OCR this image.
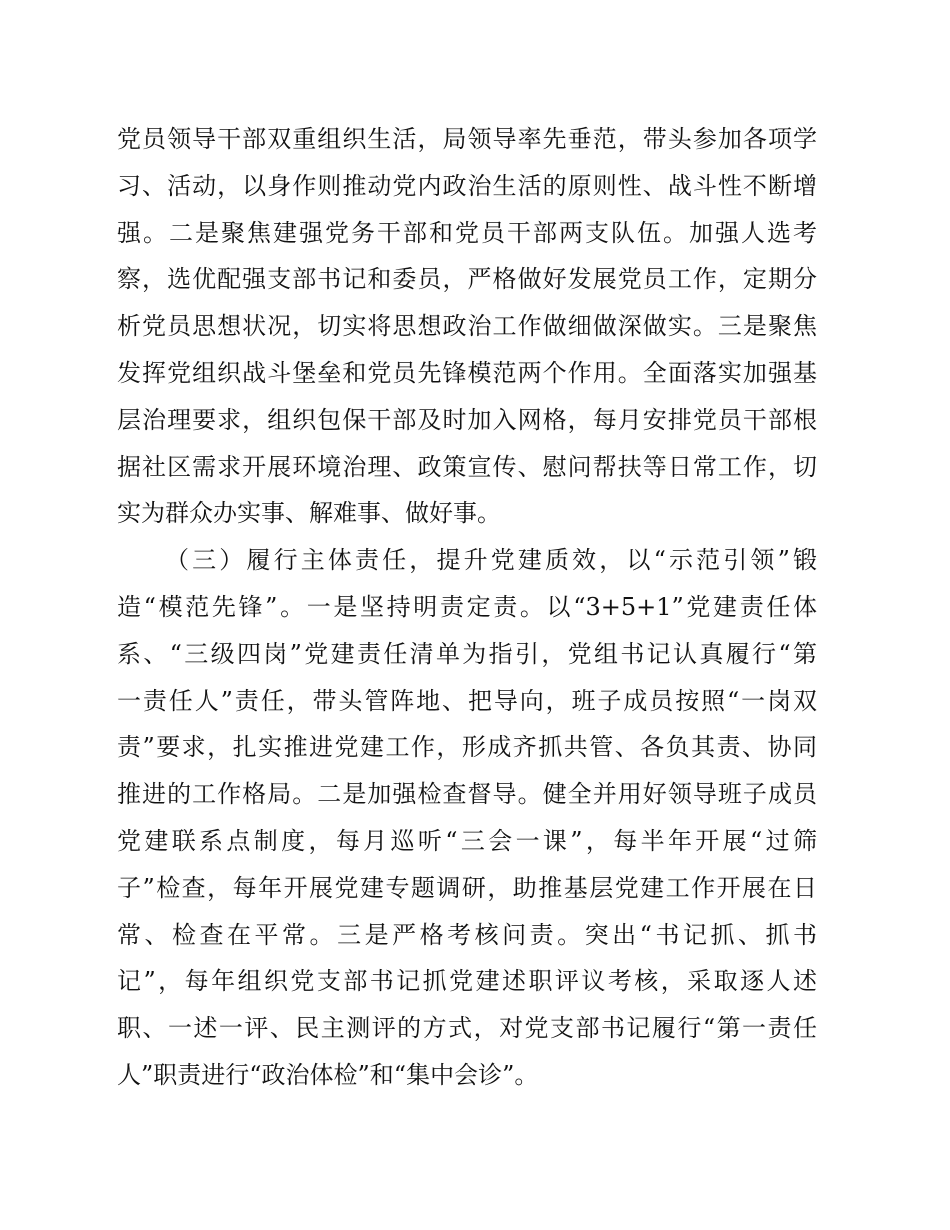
党员领导干部双重组织生活，局领导率先垂范，带头参加各项学
习、活动，以身作则推动党内政治生活的原则性、战斗性不断增
强。二是聚焦建强党务干部和党员干部两支队伍。加强人选考
察，选优配强支部书记和委员，严格做好发展党员工作，定期分
析党员思想状况，切实将思想政治工作做细做深做实。三是聚焦
发挥党组织战斗堡垒和党员先锋模范两个作用。全面落实加强基
层治理要求，组织包保干部及时加入网格，每月安排党员干部根
据社区需求开展环境治理、政策宣传、慰问帮扶等日常工作，切
实为群众办实事、解难事、做好事。
（三）履行主体责任，提升党建质效，以“示范引领”锻
造“模范先锋”。一是坚持明责定责。以“3+5+1”党建责任体
系、“三级四岗”党建责任清单为指引，党组书记认真履行“第
一责任人”责任，带头管阵地、把导向，班子成员按照“一岗双
责”要求，扎实推进党建工作，形成齐抓共管、各负其责、协同
推进的工作格局。二是加强检查督导。健全并用好领导班子成员
党建联系点制度，每月巡听“三会一课”，每半年开展“过筛
子”检查，每年开展党建专题调研，助推基层党建工作开展在日
常、检查在平常。三是严格考核问责。突出“书记抓、抓书
记”，每年组织党支部书记抓党建述职评议考核，采取逐人述
职、一述一评、民主测评的方式，对党支部书记履行“第一责任
人”职责进行“政治体检”和“集中会诊”。
